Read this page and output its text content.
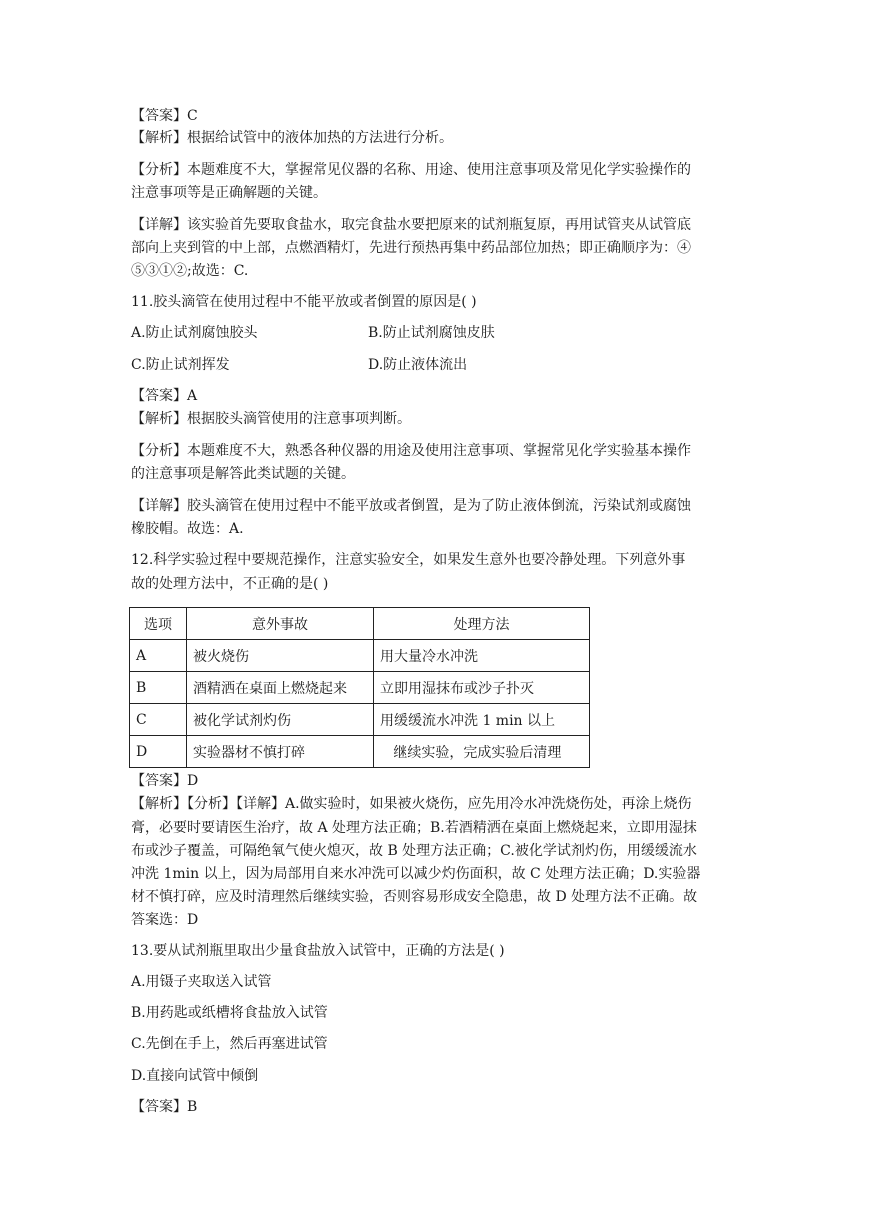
【答案】C
【解析】根据给试管中的液体加热的方法进行分析。
【分析】本题难度不大，掌握常见仪器的名称、用途、使用注意事项及常见化学实验操作的
注意事项等是正确解题的关键。
【详解】该实验首先要取食盐水，取完食盐水要把原来的试剂瓶复原，再用试管夹从试管底
部向上夹到管的中上部，点燃酒精灯，先进行预热再集中药品部位加热；即正确顺序为：④
⑤③①②;故选：C.
11.胶头滴管在使用过程中不能平放或者倒置的原因是( )
A.防止试剂腐蚀胶头	B.防止试剂腐蚀皮肤
C.防止试剂挥发	D.防止液体流出
【答案】A
【解析】根据胶头滴管使用的注意事项判断。
【分析】本题难度不大，熟悉各种仪器的用途及使用注意事项、掌握常见化学实验基本操作
的注意事项是解答此类试题的关键。
【详解】胶头滴管在使用过程中不能平放或者倒置，是为了防止液体倒流，污染试剂或腐蚀
橡胶帽。故选：A.
12.科学实验过程中要规范操作，注意实验安全，如果发生意外也要冷静处理。下列意外事
故的处理方法中，不正确的是( )
选项	意外事故	处理方法
A	被火烧伤	用大量冷水冲洗
B	酒精洒在桌面上燃烧起来	立即用湿抹布或沙子扑灭
C	被化学试剂灼伤	用缓缓流水冲洗 1 min 以上
D	实验器材不慎打碎	继续实验，完成实验后清理
【答案】D
【解析】【分析】【详解】A.做实验时，如果被火烧伤，应先用冷水冲洗烧伤处，再涂上烧伤
膏，必要时要请医生治疗，故 A 处理方法正确；B.若酒精洒在桌面上燃烧起来，立即用湿抹
布或沙子覆盖，可隔绝氧气使火熄灭，故 B 处理方法正确；C.被化学试剂灼伤，用缓缓流水
冲洗 1min 以上，因为局部用自来水冲洗可以减少灼伤面积，故 C 处理方法正确；D.实验器
材不慎打碎，应及时清理然后继续实验，否则容易形成安全隐患，故 D 处理方法不正确。故
答案选：D
13.要从试剂瓶里取出少量食盐放入试管中，正确的方法是( )
A.用镊子夹取送入试管
B.用药匙或纸槽将食盐放入试管
C.先倒在手上，然后再塞进试管
D.直接向试管中倾倒
【答案】B
